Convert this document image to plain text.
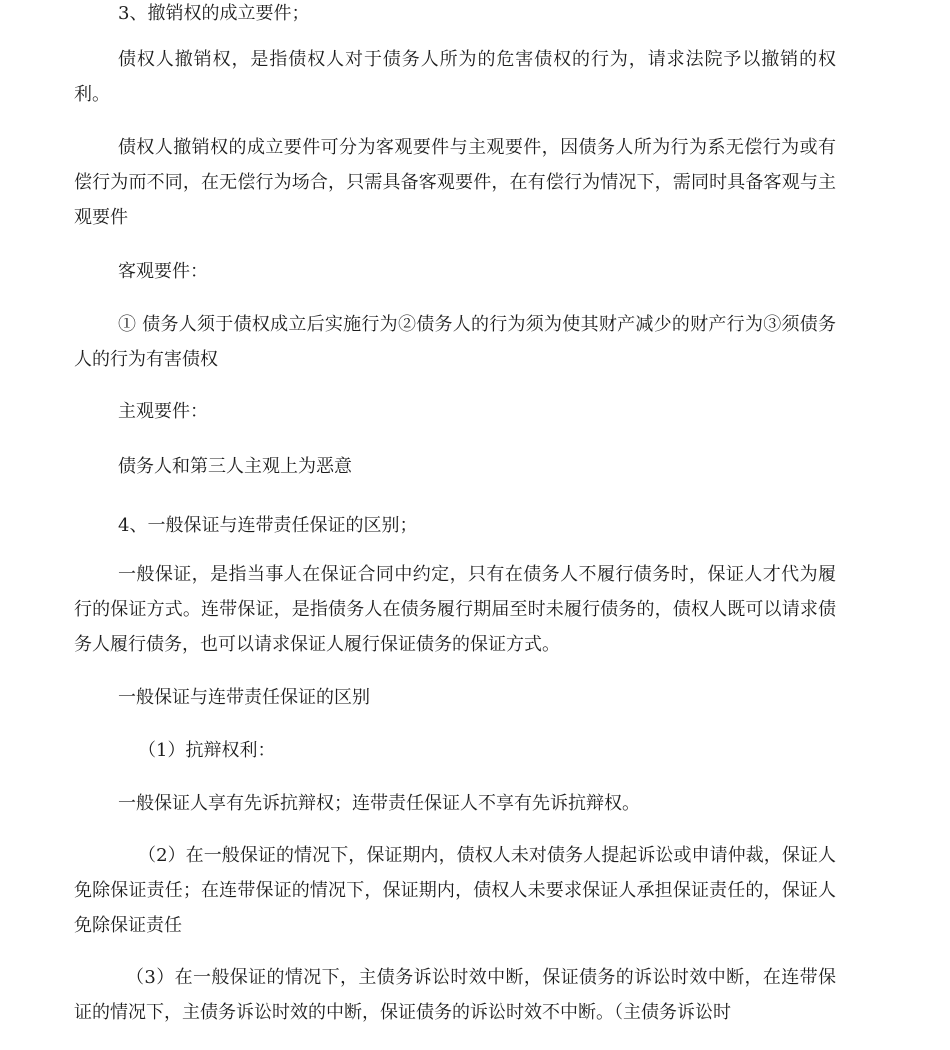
3、撤销权的成立要件；

债权人撤销权，是指债权人对于债务人所为的危害债权的行为，请求法院予以撤销的权利。

债权人撤销权的成立要件可分为客观要件与主观要件，因债务人所为行为系无偿行为或有偿行为而不同，在无偿行为场合，只需具备客观要件，在有偿行为情况下，需同时具备客观与主观要件

客观要件：

① 债务人须于债权成立后实施行为②债务人的行为须为使其财产减少的财产行为③须债务人的行为有害债权

主观要件：

债务人和第三人主观上为恶意

4、一般保证与连带责任保证的区别；

一般保证，是指当事人在保证合同中约定，只有在债务人不履行债务时，保证人才代为履行的保证方式。连带保证，是指债务人在债务履行期届至时未履行债务的，债权人既可以请求债务人履行债务，也可以请求保证人履行保证债务的保证方式。

一般保证与连带责任保证的区别

（1）抗辩权利：

一般保证人享有先诉抗辩权；连带责任保证人不享有先诉抗辩权。

（2）在一般保证的情况下，保证期内，债权人未对债务人提起诉讼或申请仲裁，保证人免除保证责任；在连带保证的情况下，保证期内，债权人未要求保证人承担保证责任的，保证人免除保证责任

（3）在一般保证的情况下，主债务诉讼时效中断，保证债务的诉讼时效中断，在连带保证的情况下，主债务诉讼时效的中断，保证债务的诉讼时效不中断。（主债务诉讼时
